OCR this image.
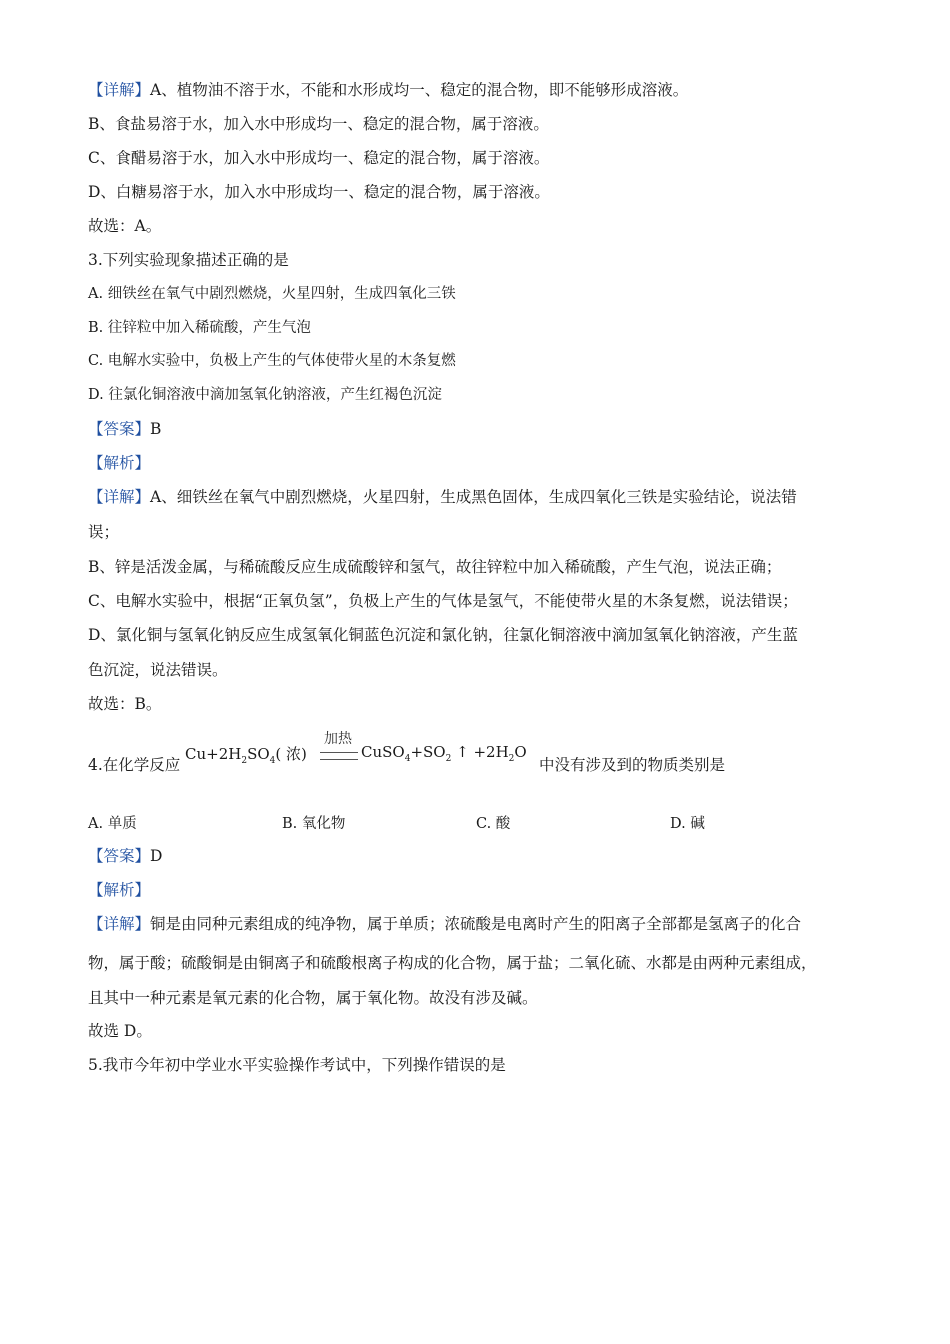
【详解】A、植物油不溶于水，不能和水形成均一、稳定的混合物，即不能够形成溶液。
B、食盐易溶于水，加入水中形成均一、稳定的混合物，属于溶液。
C、食醋易溶于水，加入水中形成均一、稳定的混合物，属于溶液。
D、白糖易溶于水，加入水中形成均一、稳定的混合物，属于溶液。
故选：A。
3.下列实验现象描述正确的是
A. 细铁丝在氧气中剧烈燃烧，火星四射，生成四氧化三铁
B. 往锌粒中加入稀硫酸，产生气泡
C. 电解水实验中，负极上产生的气体使带火星的木条复燃
D. 往氯化铜溶液中滴加氢氧化钠溶液，产生红褐色沉淀
【答案】B
【解析】
【详解】A、细铁丝在氧气中剧烈燃烧，火星四射，生成黑色固体，生成四氧化三铁是实验结论，说法错
误；
B、锌是活泼金属，与稀硫酸反应生成硫酸锌和氢气，故往锌粒中加入稀硫酸，产生气泡，说法正确；
C、电解水实验中，根据“正氧负氢”，负极上产生的气体是氢气，不能使带火星的木条复燃，说法错误；
D、氯化铜与氢氧化钠反应生成氢氧化铜蓝色沉淀和氯化钠，往氯化铜溶液中滴加氢氧化钠溶液，产生蓝
色沉淀，说法错误。
故选：B。
4.在化学反应
$Cu+2H_2SO_4$( 浓)
加热
$CuSO_4+SO_2$ ↑ $+2H_2O$
中没有涉及到的物质类别是
A. 单质	B. 氧化物	C. 酸	D. 碱
【答案】D
【解析】
【详解】铜是由同种元素组成的纯净物，属于单质；浓硫酸是电离时产生的阳离子全部都是氢离子的化合
物，属于酸；硫酸铜是由铜离子和硫酸根离子构成的化合物，属于盐；二氧化硫、水都是由两种元素组成，
且其中一种元素是氧元素的化合物，属于氧化物。故没有涉及碱。
故选 D。
5.我市今年初中学业水平实验操作考试中，下列操作错误的是
